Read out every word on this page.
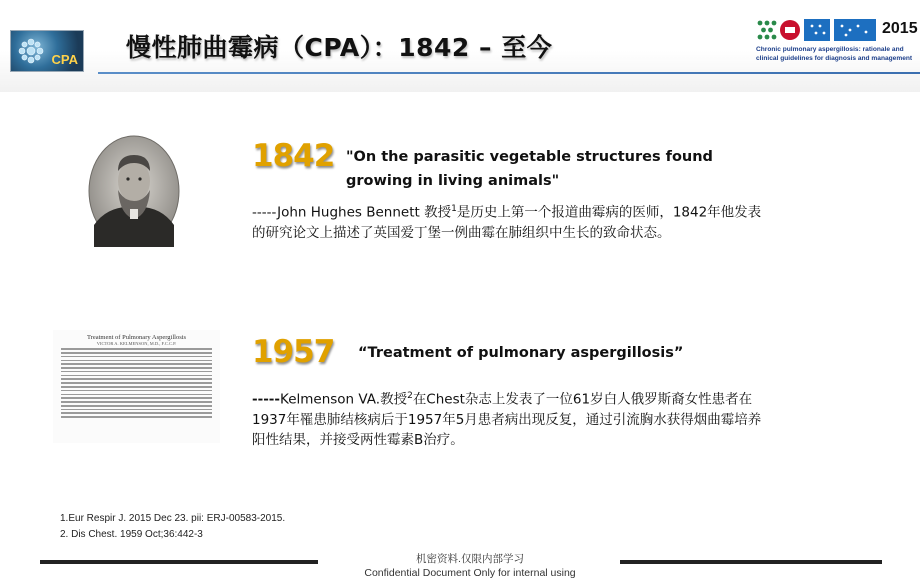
CPA 慢性肺曲霉病（CPA）：1842 – 至今
2015
Chronic pulmonary aspergillosis: rationale and
clinical guidelines for diagnosis and management
Treatment of Pulmonary Aspergillosis
VICTOR A. KELMENSON, M.D., F.C.C.P.
1842 "On the parasitic vegetable structures found
growing in living animals"
-----John Hughes Bennett 教授$^1$是历史上第一个报道曲霉病的医师，1842年他发表
的研究论文上描述了英国爱丁堡一例曲霉在肺组织中生长的致命状态。
1957 “Treatment of pulmonary aspergillosis”
-----Kelmenson VA.教授$^2$在Chest杂志上发表了一位61岁白人俄罗斯裔女性患者在
1937年罹患肺结核病后于1957年5月患者病出现反复，通过引流胸水获得烟曲霉培养
阳性结果，并接受两性霉素B治疗。
1.Eur Respir J. 2015 Dec 23. pii: ERJ-00583-2015.
2. Dis Chest. 1959 Oct;36:442-3
机密资料.仅限内部学习
Confidential Document Only for internal using
